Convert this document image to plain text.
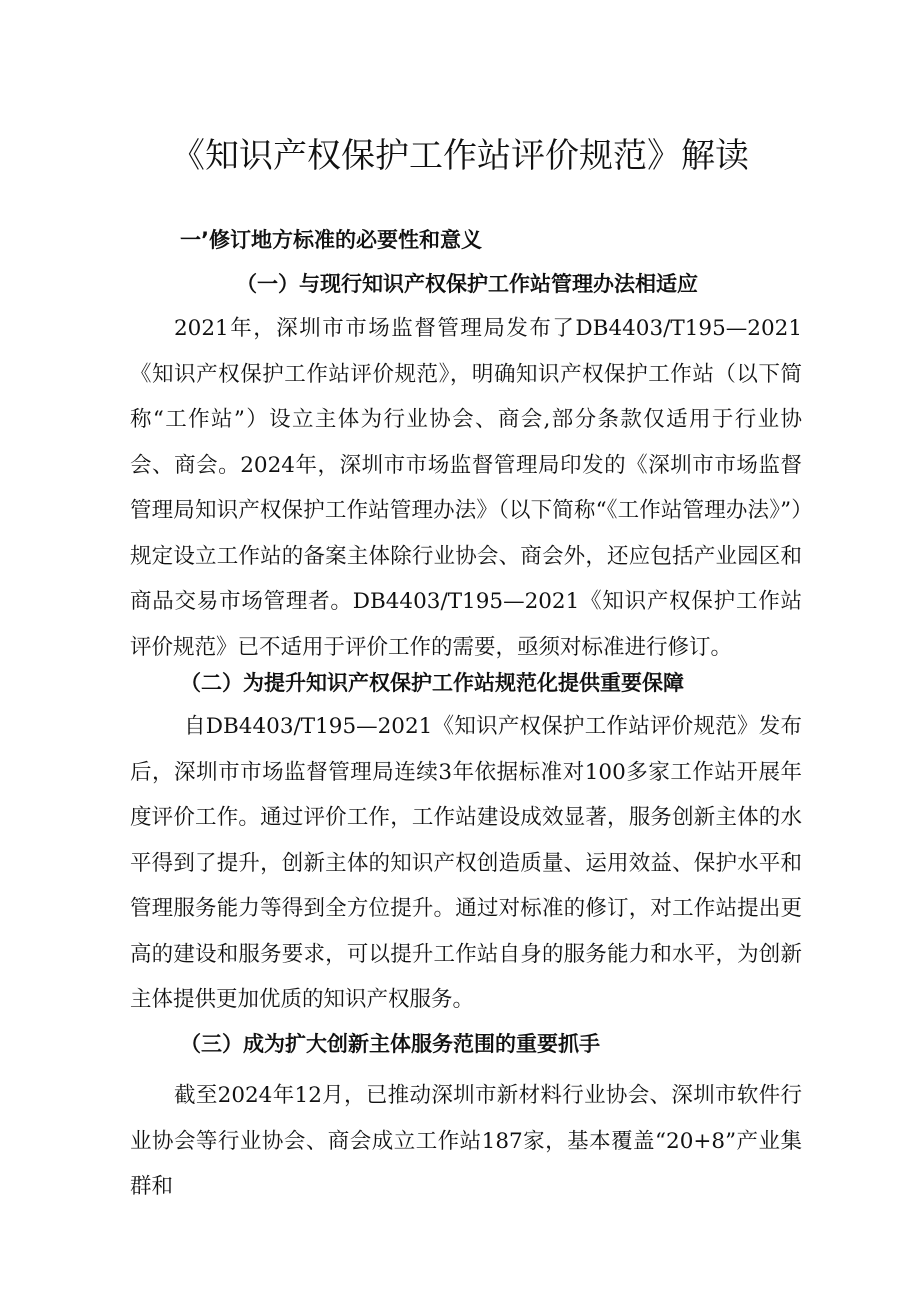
《知识产权保护工作站评价规范》解读
一’修订地方标准的必要性和意义
（一）与现行知识产权保护工作站管理办法相适应
2021年，深圳市市场监督管理局发布了DB4403/T195—2021《知识产权保护工作站评价规范》，明确知识产权保护工作站（以下简称“工作站”）设立主体为行业协会、商会,部分条款仅适用于行业协会、商会。2024年，深圳市市场监督管理局印发的《深圳市市场监督管理局知识产权保护工作站管理办法》（以下简称“《工作站管理办法》”）规定设立工作站的备案主体除行业协会、商会外，还应包括产业园区和商品交易市场管理者。DB4403/T195—2021《知识产权保护工作站评价规范》已不适用于评价工作的需要，亟须对标准进行修订。
（二）为提升知识产权保护工作站规范化提供重要保障
自DB4403/T195—2021《知识产权保护工作站评价规范》发布后，深圳市市场监督管理局连续3年依据标准对100多家工作站开展年度评价工作。通过评价工作，工作站建设成效显著，服务创新主体的水平得到了提升，创新主体的知识产权创造质量、运用效益、保护水平和管理服务能力等得到全方位提升。通过对标准的修订，对工作站提出更高的建设和服务要求，可以提升工作站自身的服务能力和水平，为创新主体提供更加优质的知识产权服务。
（三）成为扩大创新主体服务范围的重要抓手
截至2024年12月，已推动深圳市新材料行业协会、深圳市软件行业协会等行业协会、商会成立工作站187家，基本覆盖“20+8”产业集群和
